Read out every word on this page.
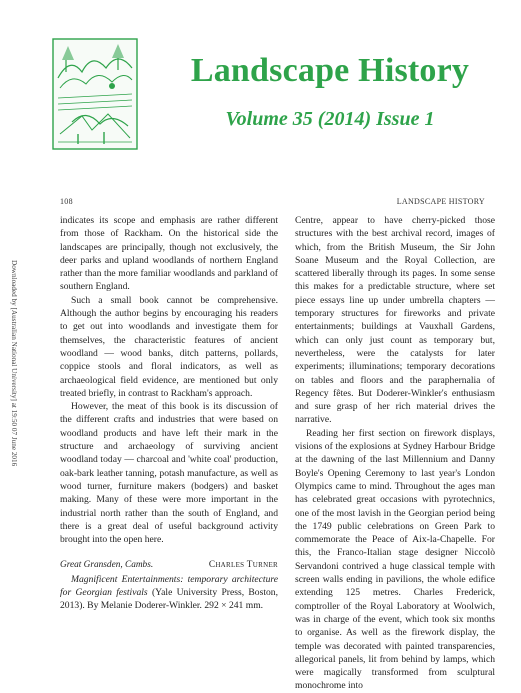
Landscape History
Volume 35 (2014) Issue 1
108	LANDSCAPE HISTORY
Downloaded by [Australian National University] at 19:50 07 June 2016

indicates its scope and emphasis are rather different from those of Rackham. On the historical side the landscapes are principally, though not exclusively, the deer parks and upland woodlands of northern England rather than the more familiar woodlands and parkland of southern England.

Such a small book cannot be comprehensive. Although the author begins by encouraging his readers to get out into woodlands and investigate them for themselves, the characteristic features of ancient woodland — wood banks, ditch patterns, pollards, coppice stools and floral indicators, as well as archaeological field evidence, are mentioned but only treated briefly, in contrast to Rackham's approach.

However, the meat of this book is its discussion of the different crafts and industries that were based on woodland products and have left their mark in the structure and archaeology of surviving ancient woodland today — charcoal and 'white coal' production, oak-bark leather tanning, potash manufacture, as well as wood turner, furniture makers (bodgers) and basket making. Many of these were more important in the industrial north rather than the south of England, and there is a great deal of useful background activity brought into the open here.

Great Gransden, Cambs.	Charles Turner

Magnificent Entertainments: temporary architecture for Georgian festivals (Yale University Press, Boston, 2013). By Melanie Doderer-Winkler. 292 × 241 mm.

Centre, appear to have cherry-picked those structures with the best archival record, images of which, from the British Museum, the Sir John Soane Museum and the Royal Collection, are scattered liberally through its pages. In some sense this makes for a predictable structure, where set piece essays line up under umbrella chapters — temporary structures for fireworks and private entertainments; buildings at Vauxhall Gardens, which can only just count as temporary but, nevertheless, were the catalysts for later experiments; illuminations; temporary decorations on tables and floors and the paraphernalia of Regency fêtes. But Doderer-Winkler's enthusiasm and sure grasp of her rich material drives the narrative.

Reading her first section on firework displays, visions of the explosions at Sydney Harbour Bridge at the dawning of the last Millennium and Danny Boyle's Opening Ceremony to last year's London Olympics came to mind. Throughout the ages man has celebrated great occasions with pyrotechnics, one of the most lavish in the Georgian period being the 1749 public celebrations on Green Park to commemorate the Peace of Aix-la-Chapelle. For this, the Franco-Italian stage designer Niccolò Servandoni contrived a huge classical temple with screen walls ending in pavilions, the whole edifice extending 125 metres. Charles Frederick, comptroller of the Royal Laboratory at Woolwich, was in charge of the event, which took six months to organise. As well as the firework display, the temple was decorated with painted transparencies, allegorical panels, lit from behind by lamps, which were magically transformed from sculptural monochrome into
